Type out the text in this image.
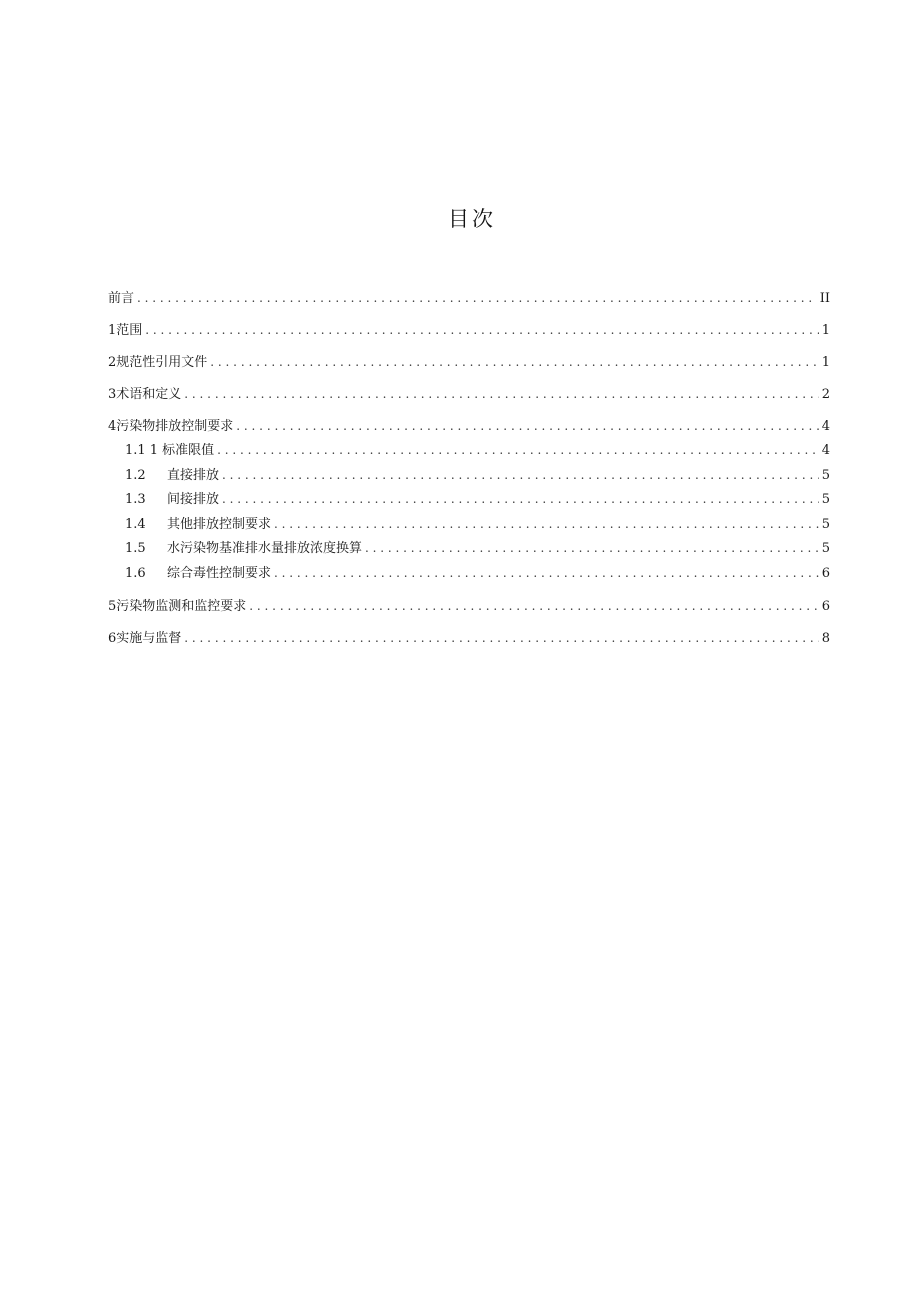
目次
前言 . . .	II
1 范围 . . .	1
2 规范性引用文件 . . .	1
3 术语和定义 . . .	2
4 污染物排放控制要求 . . .	4
1.1 1 标准限值 . . .	4
1.2	直接排放 . . .	5
1.3	间接排放 . . .	5
1.4	其他排放控制要求 . . .	5
1.5	水污染物基准排水量排放浓度换算 . . .	5
1.6	综合毒性控制要求 . . .	6
5 污染物监测和监控要求 . . .	6
6 实施与监督 . . .	8
